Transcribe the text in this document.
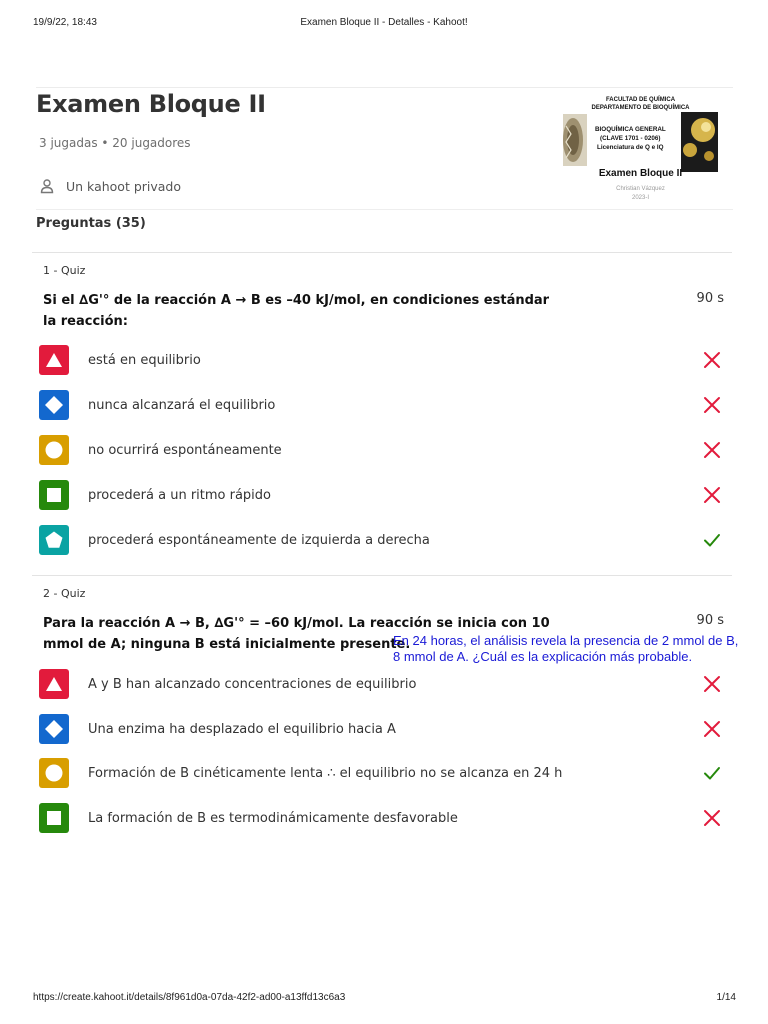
19/9/22, 18:43	Examen Bloque II - Detalles - Kahoot!
Examen Bloque II
3 jugadas • 20 jugadores
Un kahoot privado
FACULTAD DE QUÍMICA
DEPARTAMENTO DE BIOQUÍMICA
BIOQUÍMICA GENERAL
(CLAVE 1701 - 0206)
Licenciatura de Q e IQ
Examen Bloque II
Christian Vázquez
2023-I
Preguntas (35)
1 - Quiz
Si el ∆G'° de la reacción A → B es –40 kJ/mol, en condiciones estándar la reacción:
90 s
está en equilibrio
nunca alcanzará el equilibrio
no ocurrirá espontáneamente
procederá a un ritmo rápido
procederá espontáneamente de izquierda a derecha
2 - Quiz
Para la reacción A → B, ∆G'° = –60 kJ/mol. La reacción se inicia con 10 mmol de A; ninguna B está inicialmente presente.
90 s
En 24 horas, el análisis revela la presencia de 2 mmol de B,
8 mmol de A. ¿Cuál es la explicación más probable.
A y B han alcanzado concentraciones de equilibrio
Una enzima ha desplazado el equilibrio hacia A
Formación de B cinéticamente lenta ∴ el equilibrio no se alcanza en 24 h
La formación de B es termodinámicamente desfavorable
https://create.kahoot.it/details/8f961d0a-07da-42f2-ad00-a13ffd13c6a3	1/14
